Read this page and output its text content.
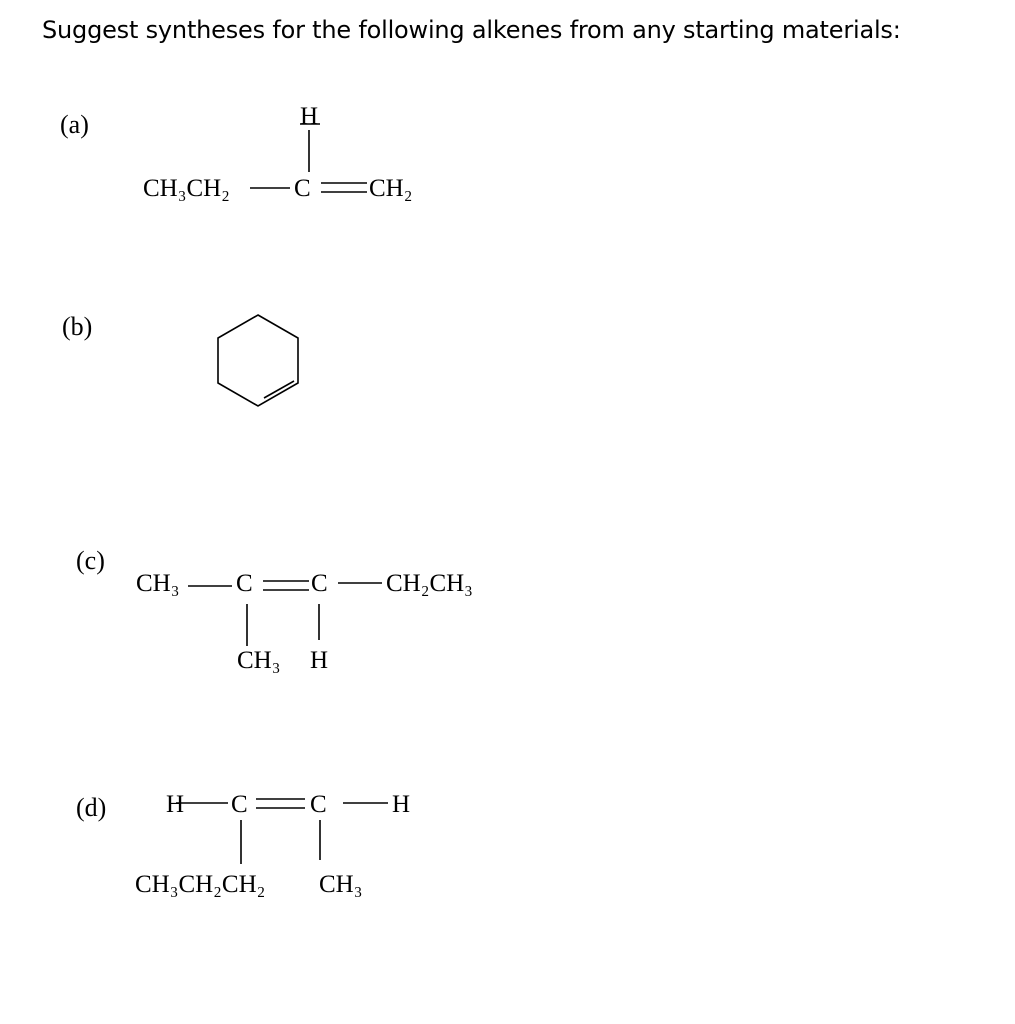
Suggest syntheses for the following alkenes from any starting materials:
(a)
(b)
(c)
(d)
H
CH₃CH₂	C CH₂
CH₃ C C CH₂CH₃
CH₃ H
H C C	H
CH₃CH₂CH₂ CH₃
